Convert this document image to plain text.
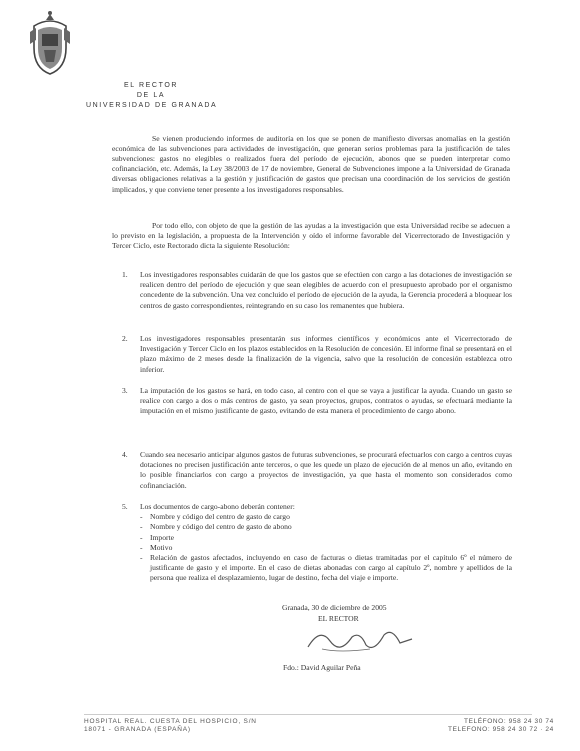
EL RECTOR
DE LA
UNIVERSIDAD DE GRANADA

Se vienen produciendo informes de auditoría en los que se ponen de manifiesto diversas anomalías en la gestión económica de las subvenciones para actividades de investigación, que generan serios problemas para la justificación de tales subvenciones: gastos no elegibles o realizados fuera del período de ejecución, abonos que se pueden interpretar como cofinanciación, etc. Además, la Ley 38/2003 de 17 de noviembre, General de Subvenciones impone a la Universidad de Granada diversas obligaciones relativas a la gestión y justificación de gastos que precisan una coordinación de los servicios de gestión implicados, y que conviene tener presente a los investigadores responsables.

Por todo ello, con objeto de que la gestión de las ayudas a la investigación que esta Universidad recibe se adecuen a lo previsto en la legislación, a propuesta de la Intervención y oído el informe favorable del Vicerrectorado de Investigación y Tercer Ciclo, este Rectorado dicta la siguiente Resolución:

1. Los investigadores responsables cuidarán de que los gastos que se efectúen con cargo a las dotaciones de investigación se realicen dentro del período de ejecución y que sean elegibles de acuerdo con el presupuesto aprobado por el organismo concedente de la subvención. Una vez concluido el período de ejecución de la ayuda, la Gerencia procederá a bloquear los centros de gasto correspondientes, reintegrando en su caso los remanentes que hubiera.
2. Los investigadores responsables presentarán sus informes científicos y económicos ante el Vicerrectorado de Investigación y Tercer Ciclo en los plazos establecidos en la Resolución de concesión. El informe final se presentará en el plazo máximo de 2 meses desde la finalización de la vigencia, salvo que la resolución de concesión establezca otro inferior.
3. La imputación de los gastos se hará, en todo caso, al centro con el que se vaya a justificar la ayuda. Cuando un gasto se realice con cargo a dos o más centros de gasto, ya sean proyectos, grupos, contratos o ayudas, se efectuará mediante la imputación en el mismo justificante de gasto, evitando de esta manera el procedimiento de cargo abono.
4. Cuando sea necesario anticipar algunos gastos de futuras subvenciones, se procurará efectuarlos con cargo a centros cuyas dotaciones no precisen justificación ante terceros, o que les quede un plazo de ejecución de al menos un año, evitando en lo posible financiarlos con cargo a proyectos de investigación, ya que hasta el momento son considerados como cofinanciación.
5. Los documentos de cargo-abono deberán contener:
- Nombre y código del centro de gasto de cargo
- Nombre y código del centro de gasto de abono
- Importe
- Motivo
- Relación de gastos afectados, incluyendo en caso de facturas o dietas tramitadas por el capítulo 6º el número de justificante de gasto y el importe. En el caso de dietas abonadas con cargo al capítulo 2º, nombre y apellidos de la persona que realiza el desplazamiento, lugar de destino, fecha del viaje e importe.
Granada, 30 de diciembre de 2005
EL RECTOR
Fdo.: David Aguilar Peña
HOSPITAL REAL. CUESTA DEL HOSPICIO, S/N
18071 - GRANADA (ESPAÑA)
TELÉFONO: 958 24 30 74
TELEFONO: 958 24 30 72 · 24
